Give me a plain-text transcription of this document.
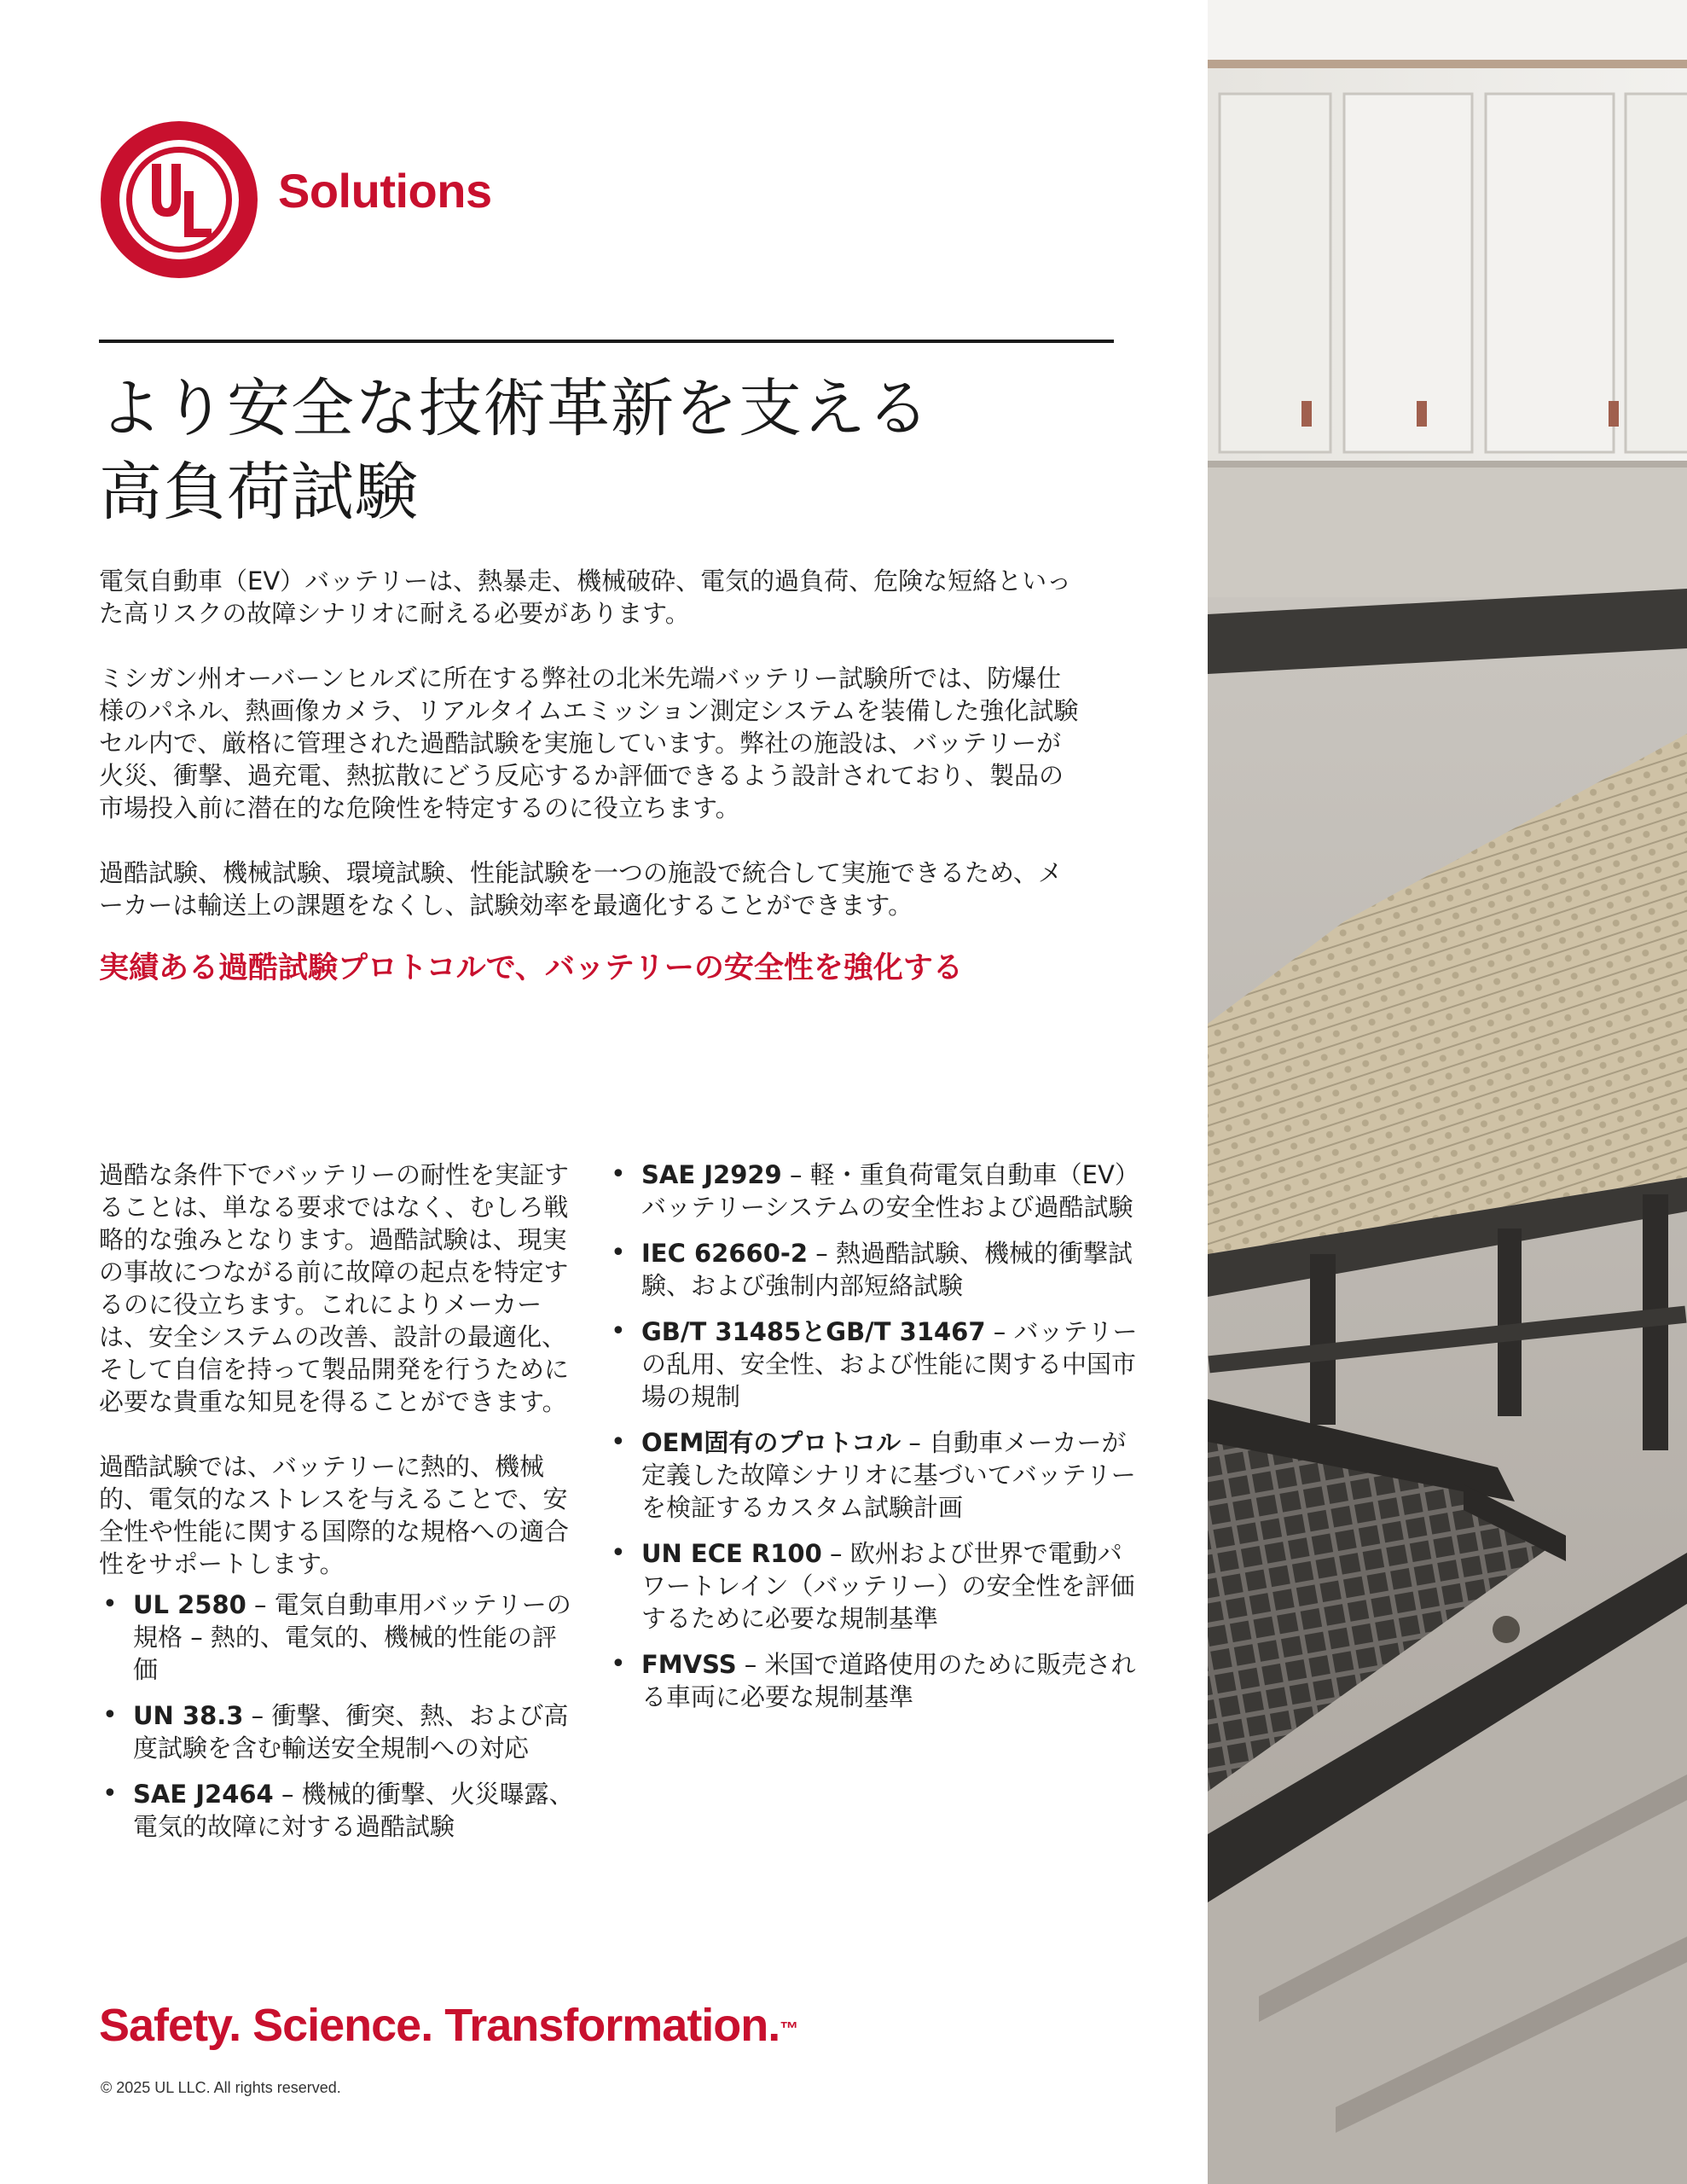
Solutions
より安全な技術革新を支える
高負荷試験

電気自動車（EV）バッテリーは、熱暴走、機械破砕、電気的過負荷、危険な短絡といった高リスクの故障シナリオに耐える必要があります。

ミシガン州オーバーンヒルズに所在する弊社の北米先端バッテリー試験所では、防爆仕様のパネル、熱画像カメラ、リアルタイムエミッション測定システムを装備した強化試験セル内で、厳格に管理された過酷試験を実施しています。弊社の施設は、バッテリーが火災、衝撃、過充電、熱拡散にどう反応するか評価できるよう設計されており、製品の市場投入前に潜在的な危険性を特定するのに役立ちます。

過酷試験、機械試験、環境試験、性能試験を一つの施設で統合して実施できるため、メーカーは輸送上の課題をなくし、試験効率を最適化することができます。

実績ある過酷試験プロトコルで、バッテリーの安全性を強化する

過酷な条件下でバッテリーの耐性を実証することは、単なる要求ではなく、むしろ戦略的な強みとなります。過酷試験は、現実の事故につながる前に故障の起点を特定するのに役立ちます。これによりメーカーは、安全システムの改善、設計の最適化、そして自信を持って製品開発を行うために必要な貴重な知見を得ることができます。

過酷試験では、バッテリーに熱的、機械的、電気的なストレスを与えることで、安全性や性能に関する国際的な規格への適合性をサポートします。

• UL 2580 – 電気自動車用バッテリーの規格 – 熱的、電気的、機械的性能の評価
• UN 38.3 – 衝撃、衝突、熱、および高度試験を含む輸送安全規制への対応
• SAE J2464 – 機械的衝撃、火災曝露、電気的故障に対する過酷試験
• SAE J2929 – 軽・重負荷電気自動車（EV）バッテリーシステムの安全性および過酷試験
• IEC 62660-2 – 熱過酷試験、機械的衝撃試験、および強制内部短絡試験
• GB/T 31485とGB/T 31467 – バッテリーの乱用、安全性、および性能に関する中国市場の規制
• OEM固有のプロトコル – 自動車メーカーが定義した故障シナリオに基づいてバッテリーを検証するカスタム試験計画
• UN ECE R100 – 欧州および世界で電動パワートレイン（バッテリー）の安全性を評価するために必要な規制基準
• FMVSS – 米国で道路使用のために販売される車両に必要な規制基準
Safety. Science. Transformation.™
© 2025 UL LLC. All rights reserved.
